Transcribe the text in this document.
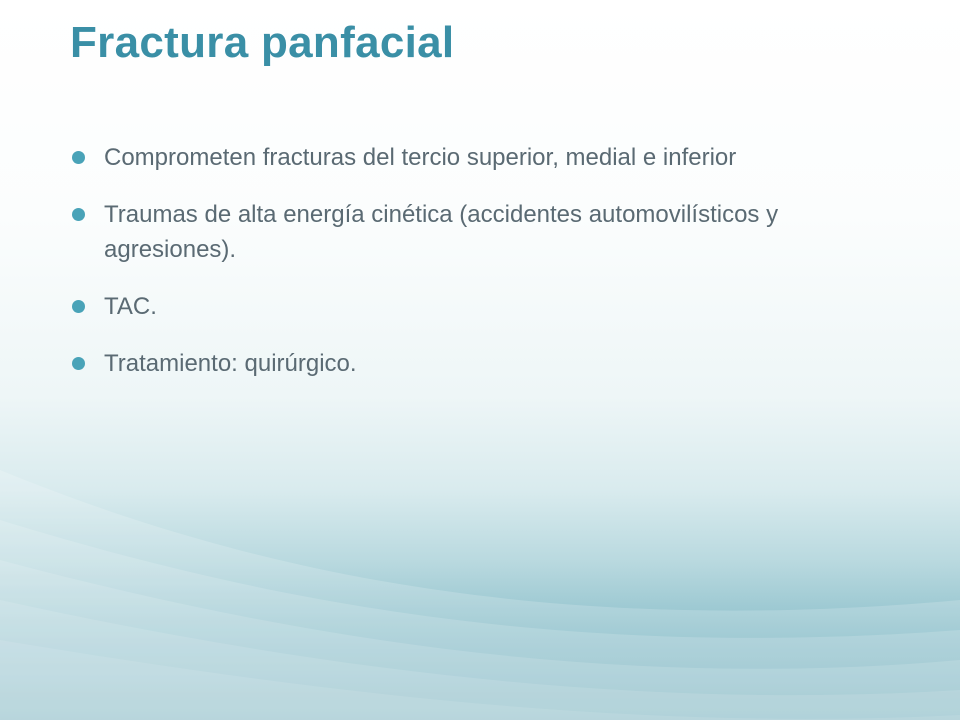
Fractura panfacial
Comprometen fracturas del tercio superior, medial e inferior
Traumas de alta energía cinética (accidentes automovilísticos y agresiones).
TAC.
Tratamiento: quirúrgico.
